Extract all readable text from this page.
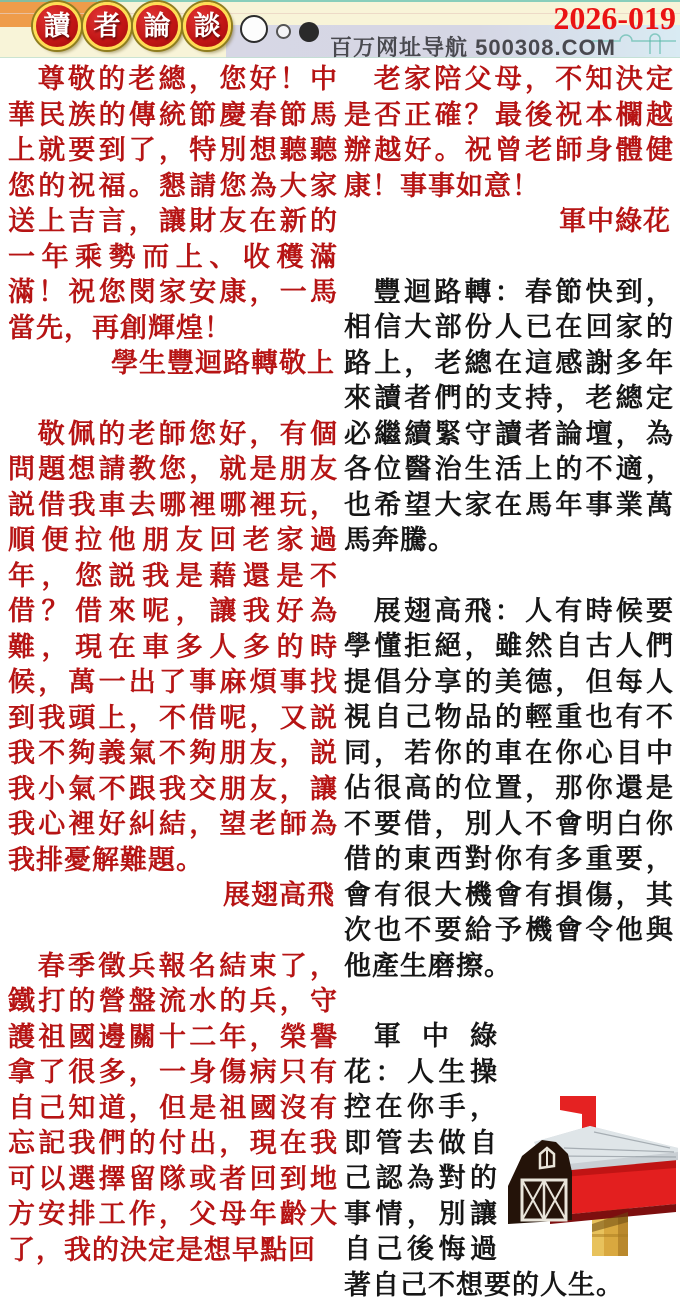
讀 者 論 談	2026-019
百万网址导航 500308.COM

尊敬的老總，您好！中華民族的傳統節慶春節馬上就要到了，特別想聽聽您的祝福。懇請您為大家送上吉言，讓財友在新的一年乘勢而上、收穫滿滿！祝您閔家安康，一馬當先，再創輝煌！

學生豐迴路轉敬上

敬佩的老師您好，有個問題想請教您，就是朋友説借我車去哪裡哪裡玩，順便拉他朋友回老家過年，您説我是藉還是不借？借來呢，讓我好為難，現在車多人多的時候，萬一出了事麻煩事找到我頭上，不借呢，又説我不夠義氣不夠朋友，説我小氣不跟我交朋友，讓我心裡好糾結，望老師為我排憂解難題。

展翅高飛

春季徵兵報名結束了，鐵打的營盤流水的兵，守護祖國邊關十二年，榮譽拿了很多，一身傷病只有自己知道，但是祖國沒有忘記我們的付出，現在我可以選擇留隊或者回到地方安排工作，父母年齡大了，我的決定是想早點回

老家陪父母，不知決定是否正確？最後祝本欄越辦越好。祝曾老師身體健康！事事如意！

軍中綠花

豐迴路轉：春節快到，相信大部份人已在回家的路上，老總在這感謝多年來讀者們的支持，老總定必繼續緊守讀者論壇，為各位醫治生活上的不適，也希望大家在馬年事業萬馬奔騰。

展翅高飛：人有時候要學懂拒絕，雖然自古人們提倡分享的美德，但每人視自己物品的輕重也有不同，若你的車在你心目中佔很高的位置，那你還是不要借，別人不會明白你借的東西對你有多重要，會有很大機會有損傷，其次也不要給予機會令他與他產生磨擦。

軍中綠花：人生操控在你手，即管去做自己認為對的事情，別讓自己後悔過著自己不想要的人生。
